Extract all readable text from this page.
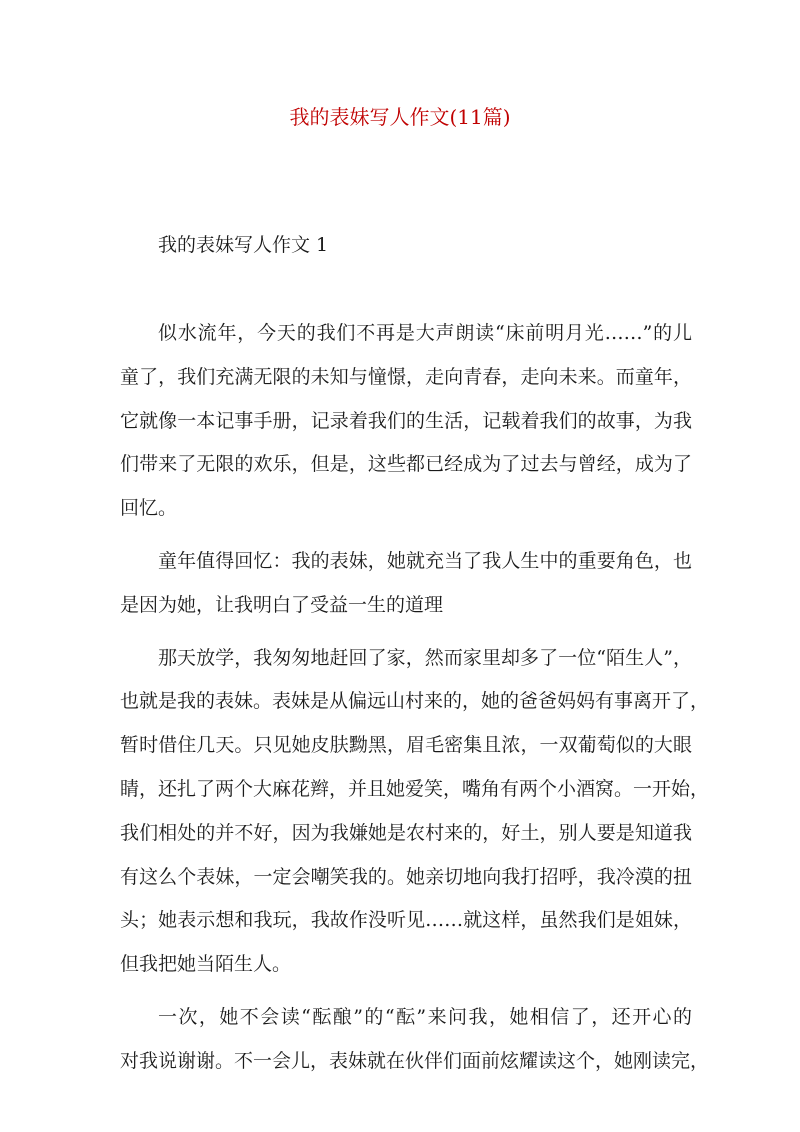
我的表妹写人作文(11篇)
我的表妹写人作文 1

似水流年，今天的我们不再是大声朗读“床前明月光……”的儿
童了，我们充满无限的未知与憧憬，走向青春，走向未来。而童年，
它就像一本记事手册，记录着我们的生活，记载着我们的故事，为我
们带来了无限的欢乐，但是，这些都已经成为了过去与曾经，成为了
回忆。

童年值得回忆：我的表妹，她就充当了我人生中的重要角色，也
是因为她，让我明白了受益一生的道理

那天放学，我匆匆地赶回了家，然而家里却多了一位“陌生人”，
也就是我的表妹。表妹是从偏远山村来的，她的爸爸妈妈有事离开了，
暂时借住几天。只见她皮肤黝黑，眉毛密集且浓，一双葡萄似的大眼
睛，还扎了两个大麻花辫，并且她爱笑，嘴角有两个小酒窝。一开始，
我们相处的并不好，因为我嫌她是农村来的，好土，别人要是知道我
有这么个表妹，一定会嘲笑我的。她亲切地向我打招呼，我冷漠的扭
头；她表示想和我玩，我故作没听见……就这样，虽然我们是姐妹，
但我把她当陌生人。

一次，她不会读“酝酿”的“酝”来问我，她相信了，还开心的
对我说谢谢。不一会儿，表妹就在伙伴们面前炫耀读这个，她刚读完，
